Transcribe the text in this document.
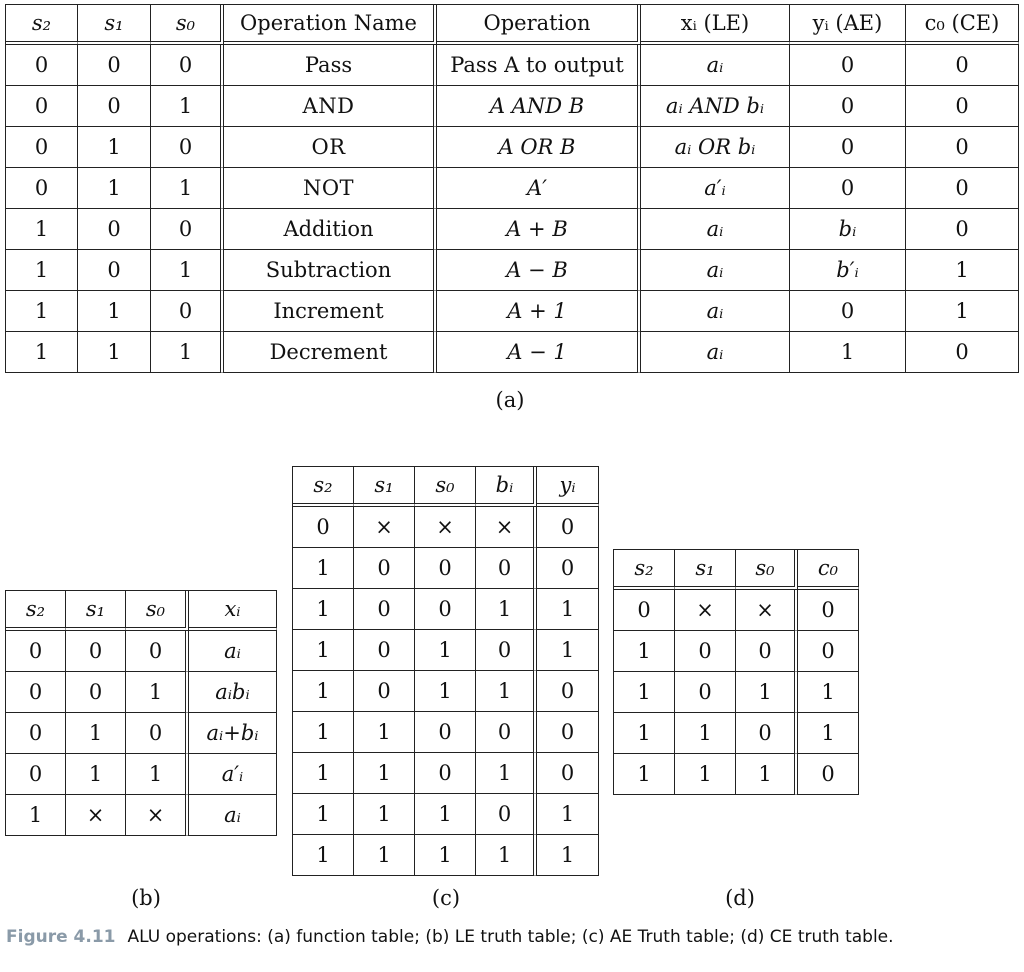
s₂	s₁	s₀	Operation Name	Operation	xᵢ (LE)	yᵢ (AE)	c₀ (CE)
0	0	0	Pass	Pass A to output	aᵢ	0	0
0	0	1	AND	A AND B	aᵢ AND bᵢ	0	0
0	1	0	OR	A OR B	aᵢ OR bᵢ	0	0
0	1	1	NOT	A′	a′ᵢ	0	0
1	0	0	Addition	A + B	aᵢ	bᵢ	0
1	0	1	Subtraction	A − B	aᵢ	b′ᵢ	1
1	1	0	Increment	A + 1	aᵢ	0	1
1	1	1	Decrement	A − 1	aᵢ	1	0
(a)
s₂	s₁	s₀	xᵢ
0	0	0	aᵢ
0	0	1	aᵢbᵢ
0	1	0	aᵢ+bᵢ
0	1	1	a′ᵢ
1	×	×	aᵢ
(b)
s₂	s₁	s₀	bᵢ	yᵢ
0	×	×	×	0
1	0	0	0	0
1	0	0	1	1
1	0	1	0	1
1	0	1	1	0
1	1	0	0	0
1	1	0	1	0
1	1	1	0	1
1	1	1	1	1
(c)
s₂	s₁	s₀	c₀
0	×	×	0
1	0	0	0
1	0	1	1
1	1	0	1
1	1	1	0
(d)
Figure 4.11 ALU operations: (a) function table; (b) LE truth table; (c) AE Truth table; (d) CE truth table.
